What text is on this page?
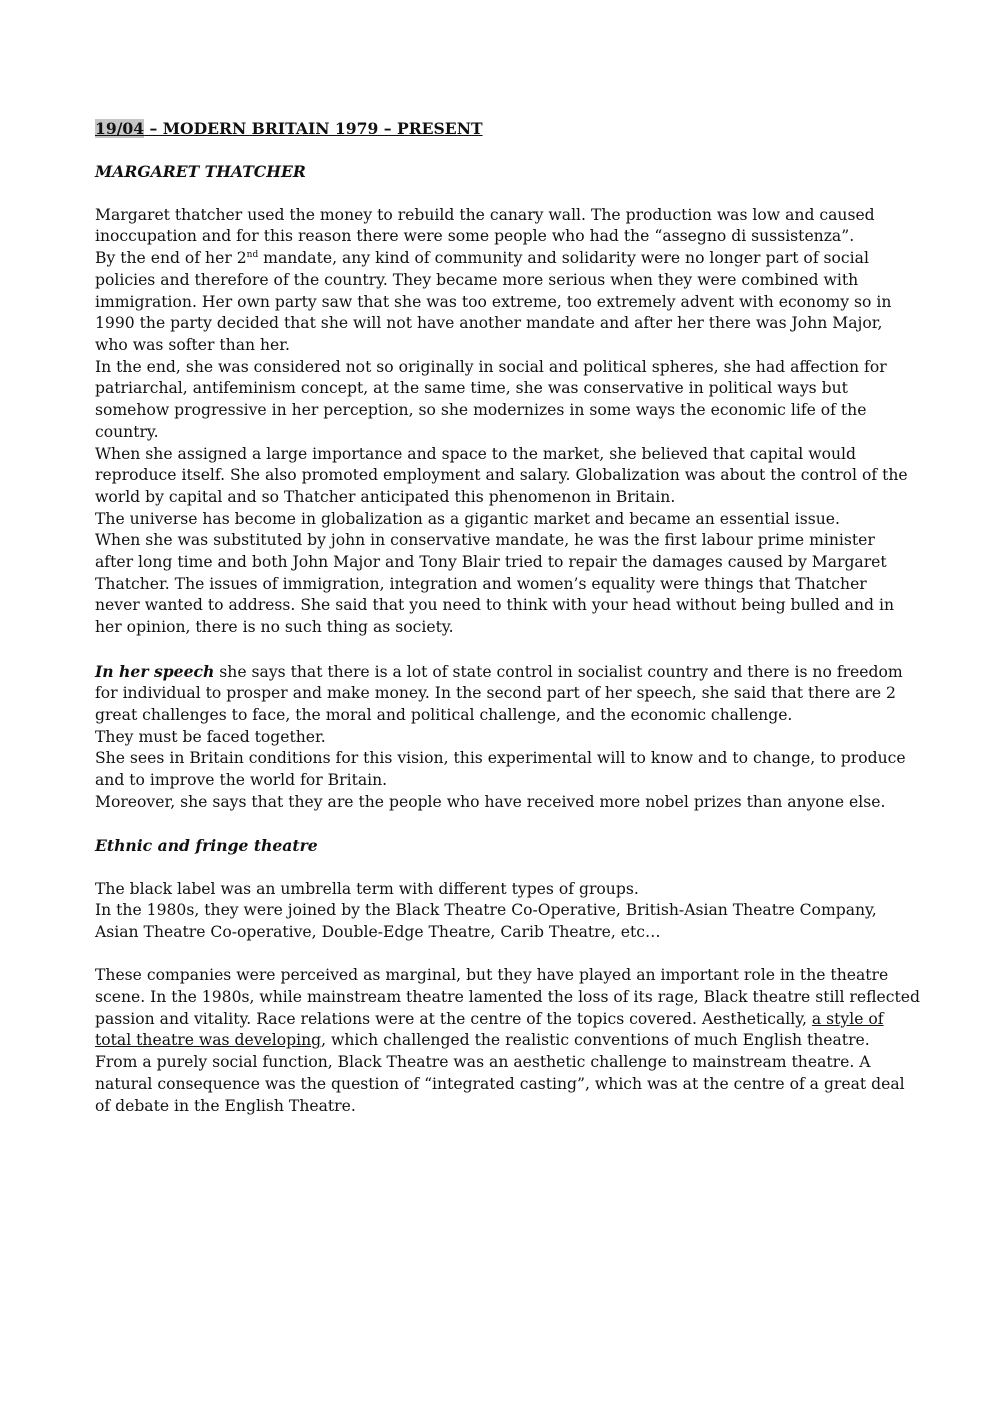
19/04 – MODERN BRITAIN 1979 – PRESENT
MARGARET THATCHER
Margaret thatcher used the money to rebuild the canary wall. The production was low and caused
inoccupation and for this reason there were some people who had the “assegno di sussistenza”.
By the end of her 2nd mandate, any kind of community and solidarity were no longer part of social
policies and therefore of the country. They became more serious when they were combined with
immigration. Her own party saw that she was too extreme, too extremely advent with economy so in
1990 the party decided that she will not have another mandate and after her there was John Major,
who was softer than her.
In the end, she was considered not so originally in social and political spheres, she had affection for
patriarchal, antifeminism concept, at the same time, she was conservative in political ways but
somehow progressive in her perception, so she modernizes in some ways the economic life of the
country.
When she assigned a large importance and space to the market, she believed that capital would
reproduce itself. She also promoted employment and salary. Globalization was about the control of the
world by capital and so Thatcher anticipated this phenomenon in Britain.
The universe has become in globalization as a gigantic market and became an essential issue.
When she was substituted by john in conservative mandate, he was the first labour prime minister
after long time and both John Major and Tony Blair tried to repair the damages caused by Margaret
Thatcher. The issues of immigration, integration and women’s equality were things that Thatcher
never wanted to address. She said that you need to think with your head without being bulled and in
her opinion, there is no such thing as society.
In her speech she says that there is a lot of state control in socialist country and there is no freedom
for individual to prosper and make money. In the second part of her speech, she said that there are 2
great challenges to face, the moral and political challenge, and the economic challenge.
They must be faced together.
She sees in Britain conditions for this vision, this experimental will to know and to change, to produce
and to improve the world for Britain.
Moreover, she says that they are the people who have received more nobel prizes than anyone else.
Ethnic and fringe theatre
The black label was an umbrella term with different types of groups.
In the 1980s, they were joined by the Black Theatre Co-Operative, British-Asian Theatre Company,
Asian Theatre Co-operative, Double-Edge Theatre, Carib Theatre, etc…
These companies were perceived as marginal, but they have played an important role in the theatre
scene. In the 1980s, while mainstream theatre lamented the loss of its rage, Black theatre still reflected
passion and vitality. Race relations were at the centre of the topics covered. Aesthetically, a style of
total theatre was developing, which challenged the realistic conventions of much English theatre.
From a purely social function, Black Theatre was an aesthetic challenge to mainstream theatre. A
natural consequence was the question of “integrated casting”, which was at the centre of a great deal
of debate in the English Theatre.
